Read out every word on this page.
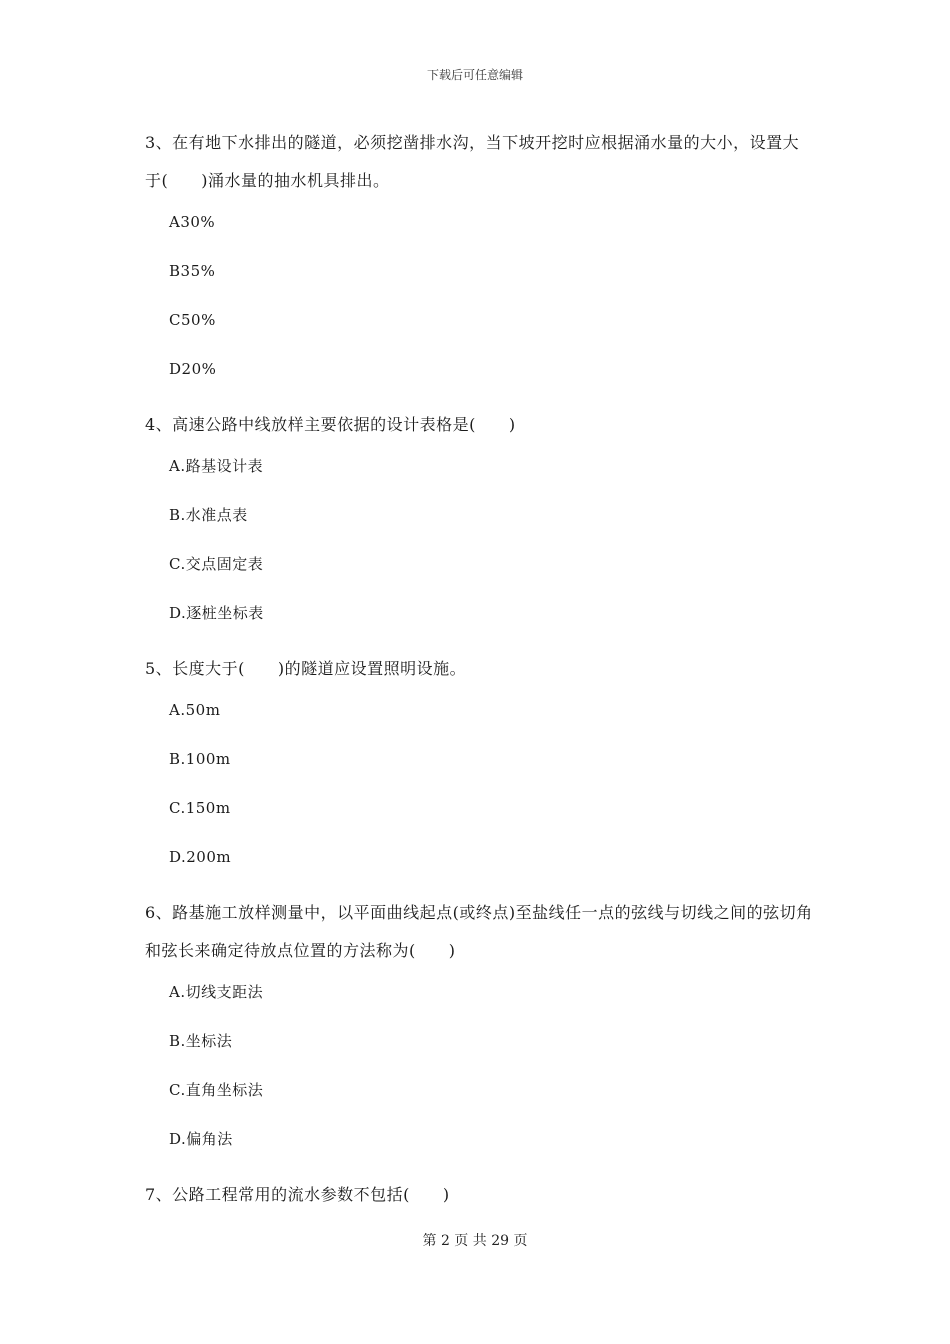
下载后可任意编辑

3、在有地下水排出的隧道，必须挖凿排水沟，当下坡开挖时应根据涌水量的大小，设置大于(　　)涌水量的抽水机具排出。

A30%

B35%

C50%

D20%

4、高速公路中线放样主要依据的设计表格是(　　)

A.路基设计表

B.水准点表

C.交点固定表

D.逐桩坐标表

5、长度大于(　　)的隧道应设置照明设施。

A.50m

B.100m

C.150m

D.200m

6、路基施工放样测量中，以平面曲线起点(或终点)至盐线任一点的弦线与切线之间的弦切角和弦长来确定待放点位置的方法称为(　　)

A.切线支距法

B.坐标法

C.直角坐标法

D.偏角法

7、公路工程常用的流水参数不包括(　　)

第 2 页 共 29 页
